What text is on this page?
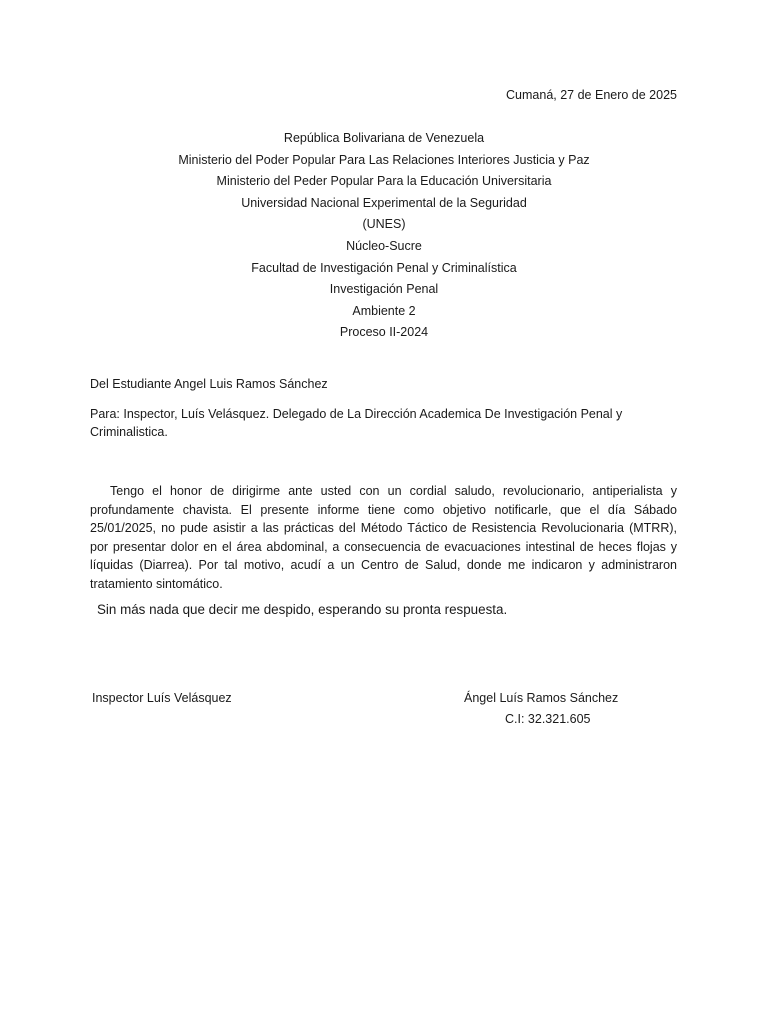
Cumaná, 27 de Enero de 2025
República Bolivariana de Venezuela
Ministerio del Poder Popular Para Las Relaciones Interiores Justicia y Paz
Ministerio del Peder Popular Para la Educación Universitaria
Universidad Nacional Experimental de la Seguridad
(UNES)
Núcleo-Sucre
Facultad de Investigación Penal y Criminalística
Investigación Penal
Ambiente 2
Proceso II-2024
Del Estudiante Angel Luis Ramos Sánchez
Para: Inspector, Luís Velásquez. Delegado de La Dirección Academica De Investigación Penal y Criminalistica.
Tengo el honor de dirigirme ante usted con un cordial saludo, revolucionario, antiperialista y profundamente chavista. El presente informe tiene como objetivo notificarle, que el día Sábado 25/01/2025, no pude asistir a las prácticas del Método Táctico de Resistencia Revolucionaria (MTRR), por presentar dolor en el área abdominal, a consecuencia de evacuaciones intestinal de heces flojas y líquidas (Diarrea). Por tal motivo, acudí a un Centro de Salud, donde me indicaron y administraron tratamiento sintomático.
Sin más nada que decir me despido, esperando su pronta respuesta.
Inspector Luís Velásquez	Ángel Luís Ramos Sánchez
C.I: 32.321.605
